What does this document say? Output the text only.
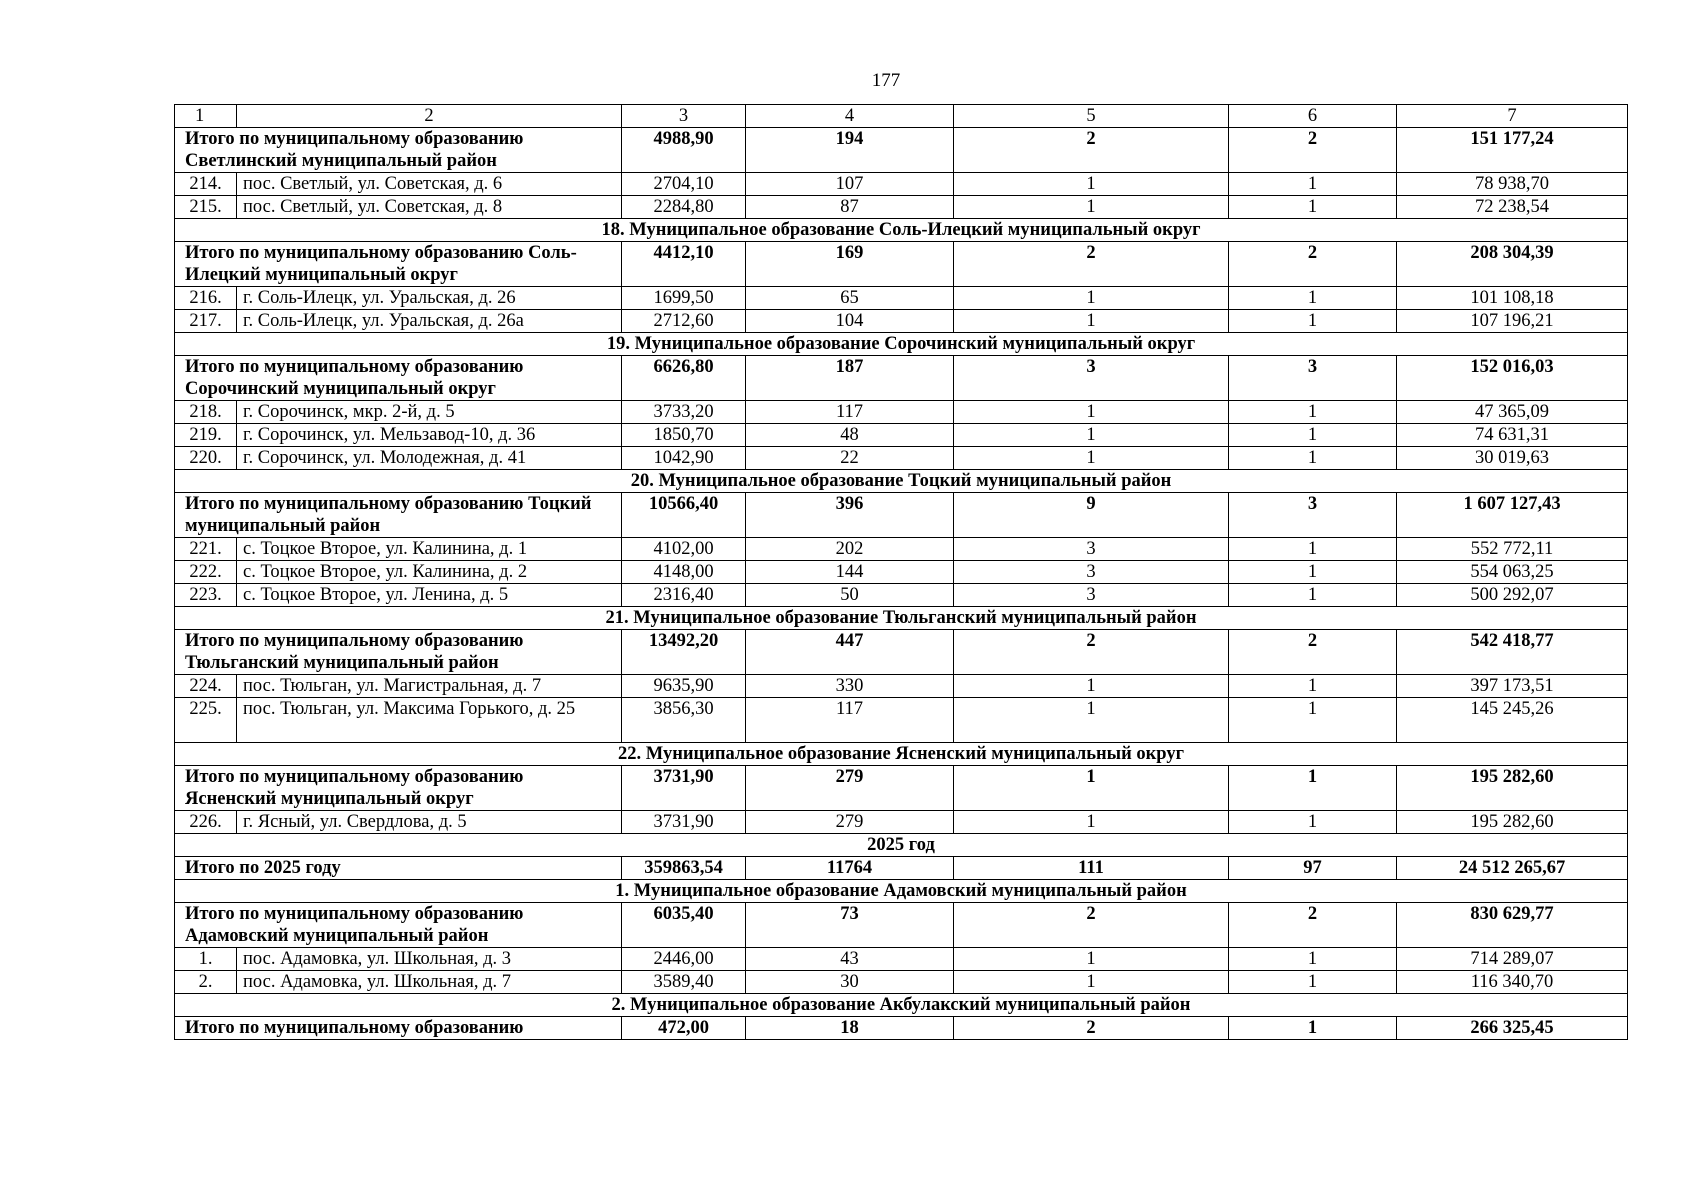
177
1	2	3	4	5	6	7
Итого по муниципальному образованию Светлинский муниципальный район		4988,90	194	2	2	151 177,24
214.	пос. Светлый, ул. Советская, д. 6	2704,10	107	1	1	78 938,70
215.	пос. Светлый, ул. Советская, д. 8	2284,80	87	1	1	72 238,54
18. Муниципальное образование Соль-Илецкий муниципальный округ						
Итого по муниципальному образованию Соль-Илецкий муниципальный округ		4412,10	169	2	2	208 304,39
216.	г. Соль-Илецк, ул. Уральская, д. 26	1699,50	65	1	1	101 108,18
217.	г. Соль-Илецк, ул. Уральская, д. 26а	2712,60	104	1	1	107 196,21
19. Муниципальное образование Сорочинский муниципальный округ						
Итого по муниципальному образованию Сорочинский муниципальный округ		6626,80	187	3	3	152 016,03
218.	г. Сорочинск, мкр. 2-й, д. 5	3733,20	117	1	1	47 365,09
219.	г. Сорочинск, ул. Мельзавод-10, д. 36	1850,70	48	1	1	74 631,31
220.	г. Сорочинск, ул. Молодежная, д. 41	1042,90	22	1	1	30 019,63
20. Муниципальное образование Тоцкий муниципальный район						
Итого по муниципальному образованию Тоцкий муниципальный район		10566,40	396	9	3	1 607 127,43
221.	с. Тоцкое Второе, ул. Калинина, д. 1	4102,00	202	3	1	552 772,11
222.	с. Тоцкое Второе, ул. Калинина, д. 2	4148,00	144	3	1	554 063,25
223.	с. Тоцкое Второе, ул. Ленина, д. 5	2316,40	50	3	1	500 292,07
21. Муниципальное образование Тюльганский муниципальный район						
Итого по муниципальному образованию Тюльганский муниципальный район		13492,20	447	2	2	542 418,77
224.	пос. Тюльган, ул. Магистральная, д. 7	9635,90	330	1	1	397 173,51
225.	пос. Тюльган, ул. Максима Горького, д. 25	3856,30	117	1	1	145 245,26
22. Муниципальное образование Ясненский муниципальный округ						
Итого по муниципальному образованию Ясненский муниципальный округ		3731,90	279	1	1	195 282,60
226.	г. Ясный, ул. Свердлова, д. 5	3731,90	279	1	1	195 282,60
2025 год						
Итого по 2025 году		359863,54	11764	111	97	24 512 265,67
1. Муниципальное образование Адамовский муниципальный район						
Итого по муниципальному образованию Адамовский муниципальный район		6035,40	73	2	2	830 629,77
1.	пос. Адамовка, ул. Школьная, д. 3	2446,00	43	1	1	714 289,07
2.	пос. Адамовка, ул. Школьная, д. 7	3589,40	30	1	1	116 340,70
2. Муниципальное образование Акбулакский муниципальный район						
Итого по муниципальному образованию		472,00	18	2	1	266 325,45
